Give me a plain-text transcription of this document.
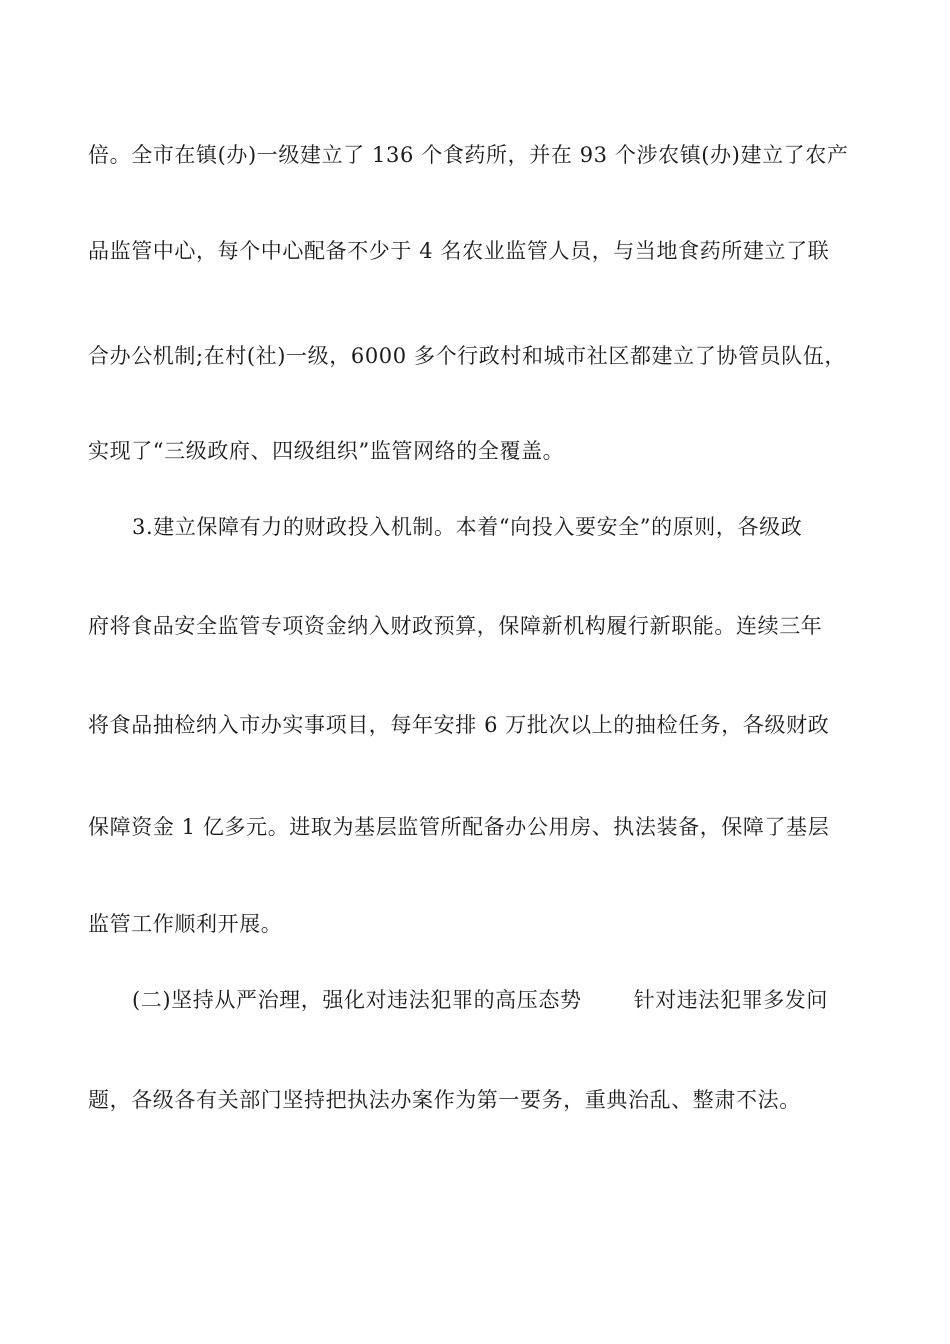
倍。全市在镇(办)一级建立了 136 个食药所，并在 93 个涉农镇(办)建立了农产
品监管中心，每个中心配备不少于 4 名农业监管人员，与当地食药所建立了联
合办公机制;在村(社)一级，6000 多个行政村和城市社区都建立了协管员队伍，
实现了“三级政府、四级组织”监管网络的全覆盖。
3.建立保障有力的财政投入机制。本着“向投入要安全”的原则，各级政
府将食品安全监管专项资金纳入财政预算，保障新机构履行新职能。连续三年
将食品抽检纳入市办实事项目，每年安排 6 万批次以上的抽检任务，各级财政
保障资金 1 亿多元。进取为基层监管所配备办公用房、执法装备，保障了基层
监管工作顺利开展。
(二)坚持从严治理，强化对违法犯罪的高压态势 针对违法犯罪多发问
题，各级各有关部门坚持把执法办案作为第一要务，重典治乱、整肃不法。
